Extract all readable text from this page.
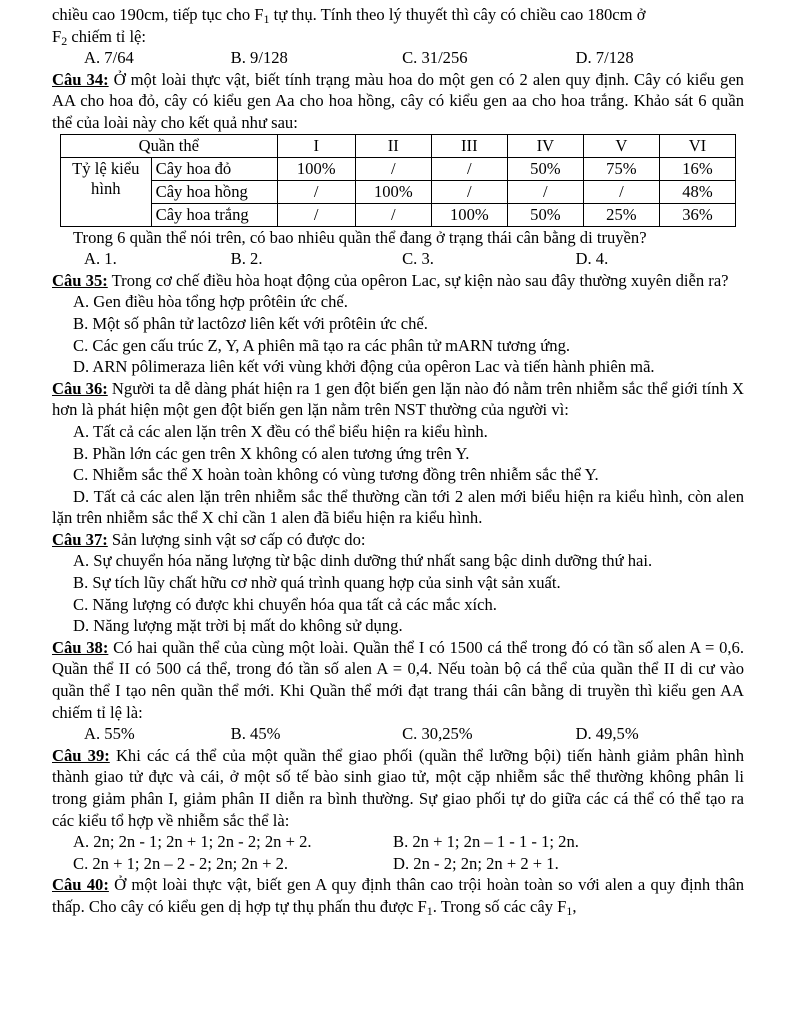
chiều cao 190cm, tiếp tục cho $F_1$ tự thụ. Tính theo lý thuyết thì cây có chiều cao 180cm ở

$F_2$ chiếm tỉ lệ:

A. 7/64	B. 9/128	C. 31/256	D. 7/128

Câu 34: Ở một loài thực vật, biết tính trạng màu hoa do một gen có 2 alen quy định. Cây có kiểu gen AA cho hoa đỏ, cây có kiểu gen Aa cho hoa hồng, cây có kiểu gen aa cho hoa trắng. Khảo sát 6 quần thể của loài này cho kết quả như sau:

Quần thể		I	II	III	IV	V	VI
Tỷ lệ kiểu hình	Cây hoa đỏ	100%	/	/	50%	75%	16%
	Cây hoa hồng	/	100%	/	/	/	48%
	Cây hoa trắng	/	/	100%	50%	25%	36%

Trong 6 quần thể nói trên, có bao nhiêu quần thể đang ở trạng thái cân bằng di truyền?

A. 1.	B. 2.	C. 3.	D. 4.

Câu 35: Trong cơ chế điều hòa hoạt động của opêron Lac, sự kiện nào sau đây thường xuyên diễn ra?

A. Gen điều hòa tổng hợp prôtêin ức chế.

B. Một số phân tử lactôzơ liên kết với prôtêin ức chế.

C. Các gen cấu trúc Z, Y, A phiên mã tạo ra các phân tử mARN tương ứng.

D. ARN pôlimeraza liên kết với vùng khởi động của opêron Lac và tiến hành phiên mã.

Câu 36: Người ta dễ dàng phát hiện ra 1 gen đột biến gen lặn nào đó nằm trên nhiễm sắc thể giới tính X hơn là phát hiện một gen đột biến gen lặn nằm trên NST thường của người vì:

A. Tất cả các alen lặn trên X đều có thể biểu hiện ra kiểu hình.

B. Phần lớn các gen trên X không có alen tương ứng trên Y.

C. Nhiễm sắc thể X hoàn toàn không có vùng tương đồng trên nhiễm sắc thể Y.

D. Tất cả các alen lặn trên nhiễm sắc thể thường cần tới 2 alen mới biểu hiện ra kiểu hình, còn alen lặn trên nhiễm sắc thể X chỉ cần 1 alen đã biểu hiện ra kiểu hình.

Câu 37: Sản lượng sinh vật sơ cấp có được do:

A. Sự chuyển hóa năng lượng từ bậc dinh dưỡng thứ nhất sang bậc dinh dưỡng thứ hai.

B. Sự tích lũy chất hữu cơ nhờ quá trình quang hợp của sinh vật sản xuất.

C. Năng lượng có được khi chuyển hóa qua tất cả các mắc xích.

D. Năng lượng mặt trời bị mất do không sử dụng.

Câu 38: Có hai quần thể của cùng một loài. Quần thể I có 1500 cá thể trong đó có tần số alen A = 0,6. Quần thể II có 500 cá thể, trong đó tần số alen A = 0,4. Nếu toàn bộ cá thể của quần thể II di cư vào quần thể I tạo nên quần thể mới. Khi Quần thể mới đạt trang thái cân bằng di truyền thì kiểu gen AA chiếm tỉ lệ là:

A. 55%	B. 45%	C. 30,25%	D. 49,5%

Câu 39: Khi các cá thể của một quần thể giao phối (quần thể lưỡng bội) tiến hành giảm phân hình thành giao tử đực và cái, ở một số tế bào sinh giao tử, một cặp nhiễm sắc thể thường không phân li trong giảm phân I, giảm phân II diễn ra bình thường. Sự giao phối tự do giữa các cá thể có thể tạo ra các kiểu tổ hợp về nhiễm sắc thể là:

A. 2n; 2n - 1; 2n + 1; 2n - 2; 2n + 2.	B. 2n + 1; 2n – 1 - 1 - 1; 2n.
C. 2n + 1; 2n – 2 - 2; 2n; 2n + 2.	D. 2n - 2; 2n; 2n + 2 + 1.

Câu 40: Ở một loài thực vật, biết gen A quy định thân cao trội hoàn toàn so với alen a quy định thân thấp. Cho cây có kiểu gen dị hợp tự thụ phấn thu được $F_1$. Trong số các cây $F_1$,
